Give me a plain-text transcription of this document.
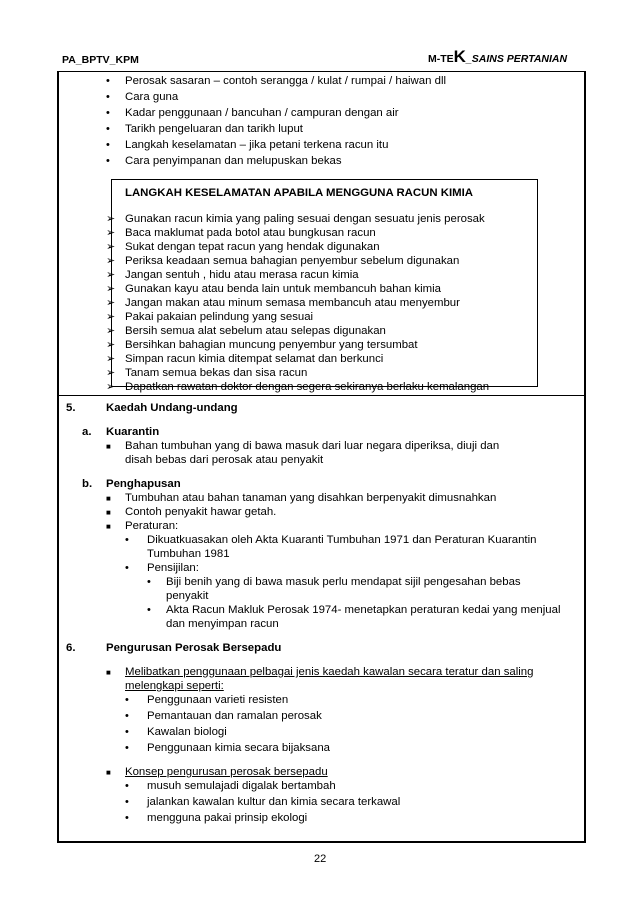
PA_BPTV_KPM	M-TEK_SAINS PERTANIAN
• Perosak sasaran – contoh serangga / kulat / rumpai / haiwan dll
• Cara guna
• Kadar penggunaan / bancuhan / campuran dengan air
• Tarikh pengeluaran dan tarikh luput
• Langkah keselamatan – jika petani terkena racun itu
• Cara penyimpanan dan melupuskan bekas
LANGKAH KESELAMATAN APABILA MENGGUNA RACUN KIMIA
➢ Gunakan racun kimia yang paling sesuai dengan sesuatu jenis perosak
➢ Baca maklumat pada botol atau bungkusan racun
➢ Sukat dengan tepat racun yang hendak digunakan
➢ Periksa keadaan semua bahagian penyembur sebelum digunakan
➢ Jangan sentuh , hidu atau merasa racun kimia
➢ Gunakan kayu atau benda lain untuk membancuh bahan kimia
➢ Jangan makan atau minum semasa membancuh atau menyembur
➢ Pakai pakaian pelindung yang sesuai
➢ Bersih semua alat sebelum atau selepas digunakan
➢ Bersihkan bahagian muncung penyembur yang tersumbat
➢ Simpan racun kimia ditempat selamat dan berkunci
➢ Tanam semua bekas dan sisa racun
➢ Dapatkan rawatan doktor dengan segera sekiranya berlaku kemalangan
5.	Kaedah Undang-undang
a. Kuarantin
■ Bahan tumbuhan yang di bawa masuk dari luar negara diperiksa, diuji dan
disah bebas dari perosak atau penyakit
b. Penghapusan
■ Tumbuhan atau bahan tanaman yang disahkan berpenyakit dimusnahkan
■ Contoh penyakit hawar getah.
■ Peraturan:
• Dikuatkuasakan oleh Akta Kuaranti Tumbuhan 1971 dan Peraturan Kuarantin
Tumbuhan 1981
• Pensijilan:
• Biji benih yang di bawa masuk perlu mendapat sijil pengesahan bebas
penyakit
• Akta Racun Makluk Perosak 1974- menetapkan peraturan kedai yang menjual
dan menyimpan racun
6.	Pengurusan Perosak Bersepadu
■ Melibatkan penggunaan pelbagai jenis kaedah kawalan secara teratur dan saling
melengkapi seperti:
• Penggunaan varieti resisten
• Pemantauan dan ramalan perosak
• Kawalan biologi
• Penggunaan kimia secara bijaksana
■ Konsep pengurusan perosak bersepadu
• musuh semulajadi digalak bertambah
• jalankan kawalan kultur dan kimia secara terkawal
• mengguna pakai prinsip ekologi
22
